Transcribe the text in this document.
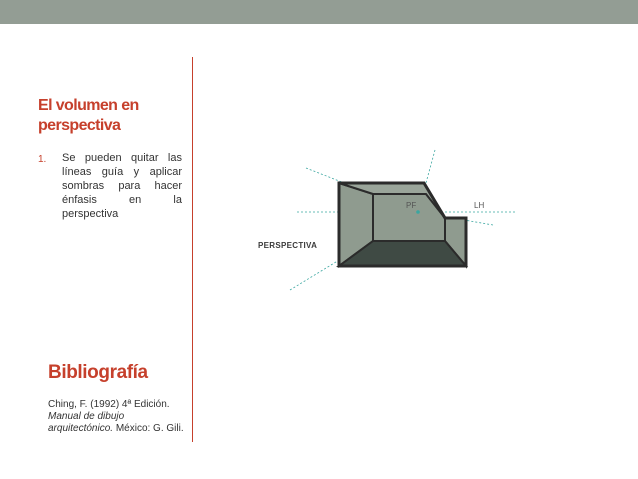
El volumen en perspectiva
1. Se pueden quitar las líneas guía y aplicar sombras para hacer énfasis en la perspectiva
Bibliografía
Ching, F. (1992) 4ª Edición. Manual de dibujo arquitectónico. México: G. Gili.
PF	LH
PERSPECTIVA
